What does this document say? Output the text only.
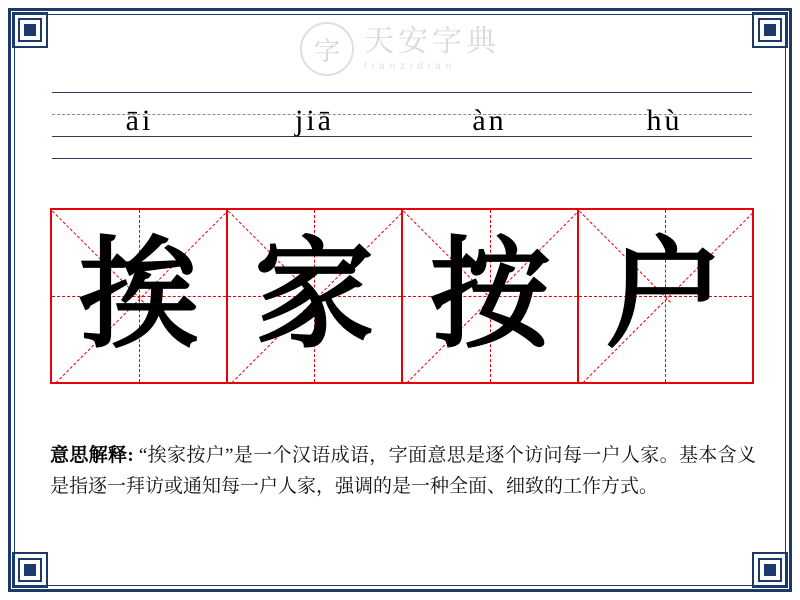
字 天安字典
tianzidian
āi	jiā	àn	hù
挨 家 按 户
意思解释: “挨家按户”是一个汉语成语，字面意思是逐个访问每一户人家。基本含义是指逐一拜访或通知每一户人家，强调的是一种全面、细致的工作方式。
